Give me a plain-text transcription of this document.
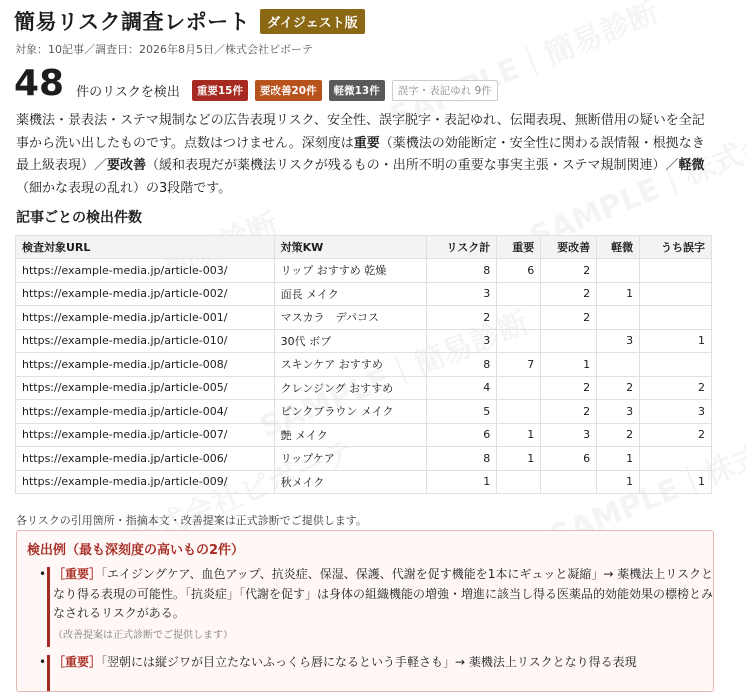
簡易リスク調査レポート	ダイジェスト版
対象：10記事／調査日：2026年8月5日／株式会社ピボーテ
48 件のリスクを検出	重要15件	要改善20件	軽微13件	誤字・表記ゆれ 9件
薬機法・景表法・ステマ規制などの広告表現リスク、安全性、誤字脱字・表記ゆれ、伝聞表現、無断借用の疑いを全記事から洗い出したものです。点数はつけません。深刻度は重要（薬機法の効能断定・安全性に関わる誤情報・根拠なき最上級表現）／要改善（緩和表現だが薬機法リスクが残るもの・出所不明の重要な事実主張・ステマ規制関連）／軽微（細かな表現の乱れ）の3段階です。
記事ごとの検出件数
検査対象URL	対策KW	リスク計	重要	要改善	軽微	うち誤字
https://example-media.jp/article-003/	リップ おすすめ 乾燥	8	6	2		
https://example-media.jp/article-002/	面長 メイク	3		2	1	
https://example-media.jp/article-001/	マスカラ　デパコス	2		2		
https://example-media.jp/article-010/	30代 ボブ	3			3	1
https://example-media.jp/article-008/	スキンケア おすすめ	8	7	1		
https://example-media.jp/article-005/	クレンジング おすすめ	4		2	2	2
https://example-media.jp/article-004/	ピンクブラウン メイク	5		2	3	3
https://example-media.jp/article-007/	艶 メイク	6	1	3	2	2
https://example-media.jp/article-006/	リップケア	8	1	6	1	
https://example-media.jp/article-009/	秋メイク	1			1	1
各リスクの引用箇所・指摘本文・改善提案は正式診断でご提供します。
検出例（最も深刻度の高いもの2件）
• ［重要］「エイジングケア、血色アップ、抗炎症、保湿、保護、代謝を促す機能を1本にギュッと凝縮」→ 薬機法上リスクとなり得る表現の可能性。「抗炎症」「代謝を促す」は身体の組織機能の増強・増進に該当し得る医薬品的効能効果の標榜とみなされるリスクがある。
（改善提案は正式診断でご提供します）
• ［重要］「翌朝には縦ジワが目立たないふっくら唇になるという手軽さも」→ 薬機法上リスクとなり得る表現
